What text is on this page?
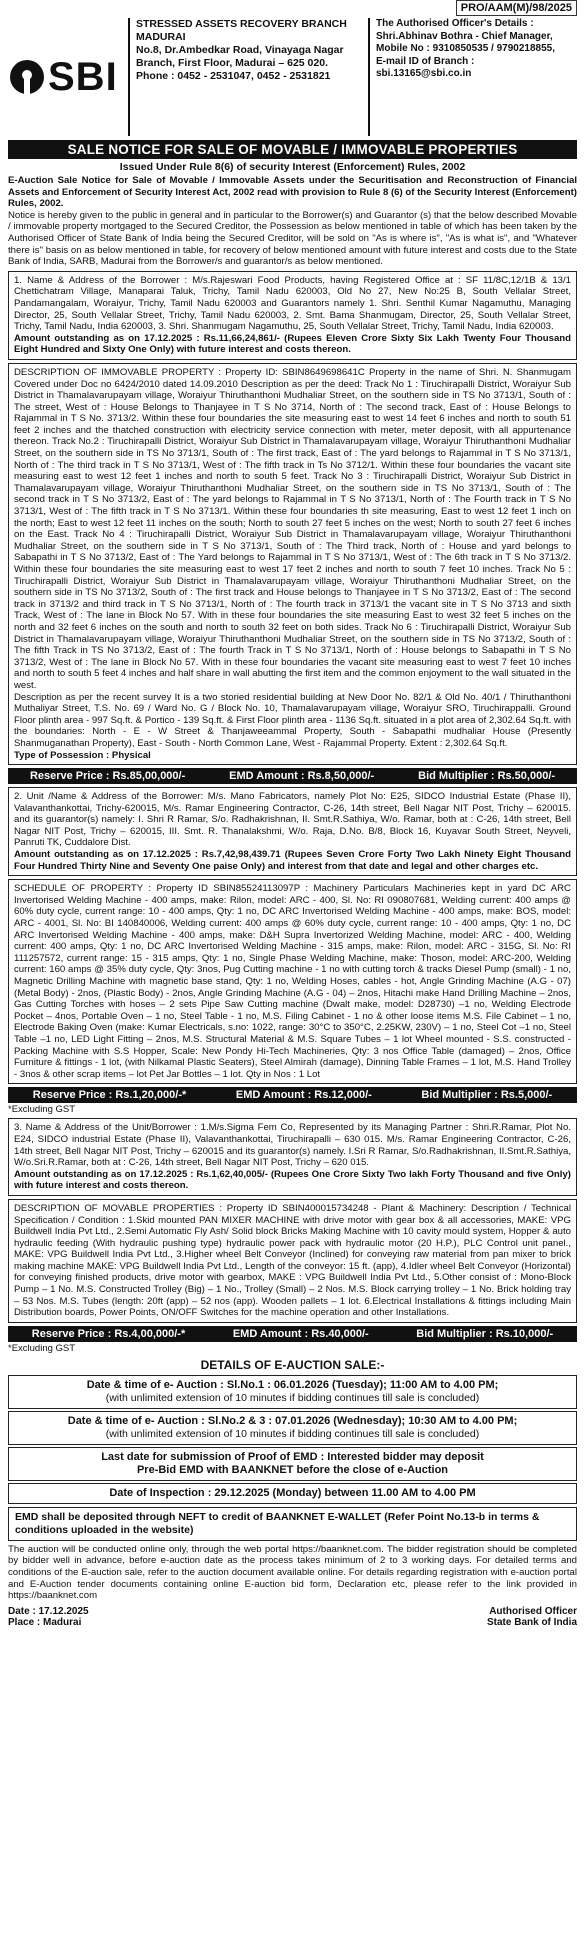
PRO/AAM(M)/98/2025
SBI
STRESSED ASSETS RECOVERY BRANCH
MADURAI
No.8, Dr.Ambedkar Road, Vinayaga Nagar
Branch, First Floor, Madurai – 625 020.
Phone : 0452 - 2531047, 0452 - 2531821
The Authorised Officer's Details :
Shri.Abhinav Bothra - Chief Manager,
Mobile No : 9310850535 / 9790218855,
E-mail ID of Branch :
sbi.13165@sbi.co.in
SALE NOTICE FOR SALE OF MOVABLE / IMMOVABLE PROPERTIES
Issued Under Rule 8(6) of security Interest (Enforcement) Rules, 2002

E-Auction Sale Notice for Sale of Movable / Immovable Assets under the Securitisation and Reconstruction of Financial Assets and Enforcement of Security Interest Act, 2002 read with provision to Rule 8 (6) of the Security Interest (Enforcement) Rules, 2002.

Notice is hereby given to the public in general and in particular to the Borrower(s) and Guarantor (s) that the below described Movable / immovable property mortgaged to the Secured Creditor, the Possession as below mentioned in table of which has been taken by the Authorised Officer of State Bank of India being the Secured Creditor, will be sold on "As is where is", "As is what is", and "Whatever there is" basis on as below mentioned in table, for recovery of below mentioned amount with future interest and costs due to the State Bank of India, SARB, Madurai from the Borrower/s and guarantor/s as below mentioned.

1. Name & Address of the Borrower : M/s.Rajeswari Food Products, having Registered Office at : SF 11/8C,12/1B & 13/1 Chettichatram Village, Manaparai Taluk, Trichy, Tamil Nadu 620003, Old No 27, New No:25 B, South Vellalar Street, Pandamangalam, Woraiyur, Trichy, Tamil Nadu 620003 and Guarantors namely 1. Shri. Senthil Kumar Nagamuthu, Managing Director, 25, South Vellalar Street, Trichy, Tamil Nadu 620003, 2. Smt. Bama Shanmugam, Director, 25, South Vellalar Street, Trichy, Tamil Nadu, India 620003, 3. Shri. Shanmugam Nagamuthu, 25, South Vellalar Street, Trichy, Tamil Nadu, India 620003.

Amount outstanding as on 17.12.2025 : Rs.11,66,24,861/- (Rupees Eleven Crore Sixty Six Lakh Twenty Four Thousand Eight Hundred and Sixty One Only) with future interest and costs thereon.

DESCRIPTION OF IMMOVABLE PROPERTY : Property ID: SBIN8649698641C Property in the name of Shri. N. Shanmugam Covered under Doc no 6424/2010 dated 14.09.2010 Description as per the deed: Track No 1 : Tiruchirapalli District, Woraiyur Sub District in Thamalavarupayam village, Woraiyur Thiruthanthoni Mudhaliar Street, on the southern side in TS No 3713/1, South of : The street, West of : House Belongs to Thanjayee in T S No 3714, North of : The second track, East of : House Belongs to Rajammal in T S No. 3713/2. Within these four boundaries the site measuring east to west 14 feet 6 inches and north to south 51 feet 2 inches and the thatched construction with electricity service connection with meter, meter deposit, with all appurtenance thereon. Track No.2 : Tiruchirapalli District, Woraiyur Sub District in Thamalavarupayam village, Woraiyur Thiruthanthoni Mudhaliar Street, on the southern side in TS No 3713/1, South of : The first track, East of : The yard belongs to Rajammal in T S No 3713/1, North of : The third track in T S No 3713/1, West of : The fifth track in Ts No 3712/1. Within these four boundaries the vacant site measuring east to west 12 feet 1 inches and north to south 5 feet. Track No 3 : Tiruchirapalli District, Woraiyur Sub District in Thamalavarupayam village, Woraiyur Thiruthanthoni Mudhaliar Street, on the southern side in TS No 3713/1, South of : The second track in T S No 3713/2, East of : The yard belongs to Rajammal in T S No 3713/1, North of : The Fourth track in T S No 3713/1, West of : The fifth track in T S No 3713/1. Within these four boundaries th site measuring, East to west 12 feet 1 inch on the north; East to west 12 feet 11 inches on the south; North to south 27 feet 5 inches on the west; North to south 27 feet 6 inches on the East. Track No 4 : Tiruchirapalli District, Woraiyur Sub District in Thamalavarupayam village, Woraiyur Thiruthanthoni Mudhaliar Street, on the southern side in T S No 3713/1, South of : The Third track, North of : House and yard belongs to Sabapathi in T S No 3713/2, East of : The Yard belongs to Rajammal in T S No 3713/1, West of : The 6th track in T S No 3713/2. Within these four boundaries the site measuring east to west 17 feet 2 inches and north to south 7 feet 10 inches. Track No 5 : Tiruchirapalli District, Woraiyur Sub District in Thamalavarupayam village, Woraiyur Thiruthanthoni Mudhaliar Street, on the southern side in TS No 3713/2, South of : The first track and House belongs to Thanjayee in T S No 3713/2, East of : The second track in 3713/2 and third track in T S No 3713/1, North of : The fourth track in 3713/1 the vacant site in T S No 3713 and sixth Track, West of : The lane in Block No 57. With in these four boundaries the site measuring East to west 32 feet 5 inches on the north and 32 feet 6 inches on the south and north to south 32 feet on both sides. Track No 6 : Tiruchirapalli District, Woraiyur Sub District in Thamalavarupayam village, Woraiyur Thiruthanthoni Mudhaliar Street, on the southern side in TS No 3713/2, South of : The fifth Track in TS No 3713/2, East of : The fourth Track in T S No 3713/1, North of : House belongs to Sabapathi in T S No 3713/2, West of : The lane in Block No 57. With in these four boundaries the vacant site measuring east to west 7 feet 10 inches and north to south 5 feet 4 inches and half share in wall abutting the first item and the common enjoyment to the wall situated in the west.

Description as per the recent survey It is a two storied residential building at New Door No. 82/1 & Old No. 40/1 / Thiruthanthoni Muthaliyar Street, T.S. No. 69 / Ward No. G / Block No. 10, Thamalavarupayam village, Woraiyur SRO, Tiruchirappalli. Ground Floor plinth area - 997 Sq.ft. & Portico - 139 Sq.ft. & First Floor plinth area - 1136 Sq.ft. situated in a plot area of 2,302.64 Sq.ft. with the boundaries: North - E - W Street & Thanjaweeammal Property, South - Sabapathi mudhaliar House (Presently Shanmuganathan Property), East - South - North Common Lane, West - Rajammal Property. Extent : 2,302.64 Sq.ft.

Type of Possession : Physical

Reserve Price : Rs.85,00,000/-	EMD Amount : Rs.8,50,000/-	Bid Multiplier : Rs.50,000/-

2. Unit /Name & Address of the Borrower: M/s. Mano Fabricators, namely Plot No: E25, SIDCO Industrial Estate (Phase II), Valavanthankottai, Trichy-620015, M/s. Ramar Engineering Contractor, C-26, 14th street, Bell Nagar NIT Post, Trichy – 620015. and its guarantor(s) namely: I. Shri R Ramar, S/o. Radhakrishnan, II. Smt.R.Sathiya, W/o. Ramar, both at : C-26, 14th street, Bell Nagar NIT Post, Trichy – 620015, III. Smt. R. Thanalakshmi, W/o. Raja, D.No. B/8, Block 16, Kuyavar South Street, Neyveli, Panruti TK, Cuddalore Dist.

Amount outstanding as on 17.12.2025 : Rs.7,42,98,439.71 (Rupees Seven Crore Forty Two Lakh Ninety Eight Thousand Four Hundred Thirty Nine and Seventy One paise Only) and interest from that date and legal and other charges etc.

SCHEDULE OF PROPERTY : Property ID SBIN85524113097P : Machinery Particulars Machineries kept in yard DC ARC Invertorised Welding Machine - 400 amps, make: Rilon, model: ARC - 400, Sl. No: RI 090807681, Welding current: 400 amps @ 60% duty cycle, current range: 10 - 400 amps, Qty: 1 no, DC ARC Invertorised Welding Machine - 400 amps, make: BOS, model: ARC - 4001, Sl. No: BI 140840006, Welding current: 400 amps @ 60% duty cycle, current range: 10 - 400 amps, Qty: 1 no, DC ARC Invertorised Welding Machine - 400 amps, make: D&H Supra Invertorized Welding Machine, model: ARC - 400, Welding current: 400 amps, Qty: 1 no, DC ARC Invertorised Welding Machine - 315 amps, make: Rilon, model: ARC - 315G, Sl. No: RI 111257572, current range: 15 - 315 amps, Qty: 1 no, Single Phase Welding Machine, make: Thoson, model: ARC-200, Welding current: 160 amps @ 35% duty cycle, Qty: 3nos, Pug Cutting machine - 1 no with cutting torch & tracks Diesel Pump (small) - 1 no, Magnetic Drilling Machine with magnetic base stand, Qty: 1 no, Welding Hoses, cables - hot, Angle Grinding Machine (A.G - 07) (Metal Body) - 2nos, (Plastic Body) - 2nos, Angle Grinding Machine (A.G - 04) – 2nos, Hitachi make Hand Drilling Machine – 2nos, Gas Cutting Torches with hoses – 2 sets Pipe Saw Cutting machine (Dwalt make, model: D28730) –1 no, Welding Electrode Pocket – 4nos, Portable Oven – 1 no, Steel Table - 1 no, M.S. Filing Cabinet - 1 no & other loose items M.S. File Cabinet – 1 no, Electrode Baking Oven (make: Kumar Electricals, s.no: 1022, range: 30°C to 350°C, 2.25KW, 230V) – 1 no, Steel Cot –1 no, Steel Table –1 no, LED Light Fitting – 2nos, M.S. Structural Material & M.S. Square Tubes – 1 lot Wheel mounted - S.S. constructed - Packing Machine with S.S Hopper, Scale: New Pondy Hi-Tech Machineries, Qty: 3 nos Office Table (damaged) – 2nos, Office Furniture & fittings - 1 lot, (with Nilkamal Plastic Seaters), Steel Almirah (damage), Dinning Table Frames – 1 lot, M.S. Hand Trolley - 3nos & other scrap items – lot Pet Jar Bottles – 1 lot. Qty in Nos : 1 Lot

Reserve Price : Rs.1,20,000/-*	EMD Amount : Rs.12,000/-	Bid Multiplier : Rs.5,000/-
*Excluding GST

3. Name & Address of the Unit/Borrower : 1.M/s.Sigma Fem Co, Represented by its Managing Partner : Shri.R.Ramar, Plot No. E24, SIDCO industrial Estate (Phase II), Valavanthankottai, Tiruchirapalli – 630 015. M/s. Ramar Engineering Contractor, C-26, 14th street, Bell Nagar NIT Post, Trichy – 620015 and its guarantor(s) namely. I.Sri R Ramar, S/o.Radhakrishnan, II.Smt.R.Sathiya, W/o.Sri.R.Ramar, both at : C-26, 14th street, Bell Nagar NIT Post, Trichy – 620 015.

Amount outstanding as on 17.12.2025 : Rs.1,62,40,005/- (Rupees One Crore Sixty Two lakh Forty Thousand and five Only) with future interest and costs thereon.

DESCRIPTION OF MOVABLE PROPERTIES : Property ID SBIN400015734248 - Plant & Machinery: Description / Technical Specification / Condition : 1.Skid mounted PAN MIXER MACHINE with drive motor with gear box & all accessories, MAKE: VPG Buildwell India Pvt Ltd., 2.Semi Automatic Fly Ash/ Solid block Bricks Making Machine with 10 cavity mould system, Hopper & auto hydraulic feeding (With hydraulic pushing type) hydraulic power pack with hydraulic motor (20 H.P.), PLC Control unit panel., MAKE: VPG Buildwell India Pvt Ltd., 3.Higher wheel Belt Conveyor (Inclined) for conveying raw material from pan mixer to brick making machine MAKE: VPG Buildwell India Pvt Ltd., Length of the conveyor: 15 ft. (app), 4.Idler wheel Belt Conveyor (Horizontal) for conveying finished products, drive motor with gearbox, MAKE : VPG Buildwell India Pvt Ltd., 5.Other consist of : Mono-Block Pump – 1 No. M.S. Constructed Trolley (Big) – 1 No., Trolley (Small) – 2 Nos. M.S. Block carrying trolley – 1 No. Brick holding tray – 53 Nos. M.S. Tubes (length: 20ft (app) – 52 nos (app). Wooden pallets – 1 lot. 6.Electrical Installations & fittings including Main Distribution boards, Power Points, ON/OFF Switches for the machine operation and other Installations.

Reserve Price : Rs.4,00,000/-*	EMD Amount : Rs.40,000/-	Bid Multiplier : Rs.10,000/-
*Excluding GST
DETAILS OF E-AUCTION SALE:-
Date & time of e- Auction : Sl.No.1 : 06.01.2026 (Tuesday); 11:00 AM to 4.00 PM;
(with unlimited extension of 10 minutes if bidding continues till sale is concluded)
Date & time of e- Auction : Sl.No.2 & 3 : 07.01.2026 (Wednesday); 10:30 AM to 4.00 PM;
(with unlimited extension of 10 minutes if bidding continues till sale is concluded)
Last date for submission of Proof of EMD : Interested bidder may deposit
Pre-Bid EMD with BAANKNET before the close of e-Auction
Date of Inspection : 29.12.2025 (Monday) between 11.00 AM to 4.00 PM
EMD shall be deposited through NEFT to credit of BAANKNET E-WALLET (Refer Point No.13-b in terms & conditions uploaded in the website)

The auction will be conducted online only, through the web portal https://baanknet.com. The bidder registration should be completed by bidder well in advance, before e-auction date as the process takes minimum of 2 to 3 working days. For detailed terms and conditions of the E-auction sale, refer to the auction document available online. For details regarding registration with e-auction portal and E-Auction tender documents containing online E-auction bid form, Declaration etc, please refer to the link provided in https://baanknet.com

Date : 17.12.2025
Place : Madurai
Authorised Officer
State Bank of India
